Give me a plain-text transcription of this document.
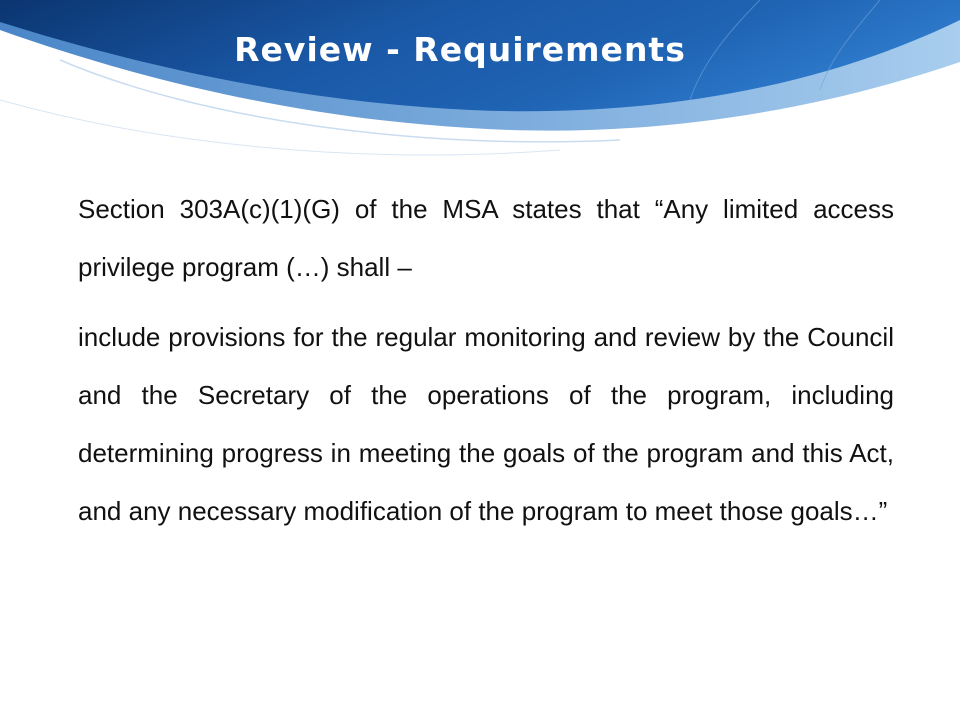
Review - Requirements

Section 303A(c)(1)(G) of the MSA states that “Any limited access privilege program (…) shall –

include provisions for the regular monitoring and review by the Council and the Secretary of the operations of the program, including determining progress in meeting the goals of the program and this Act, and any necessary modification of the program to meet those goals…”
